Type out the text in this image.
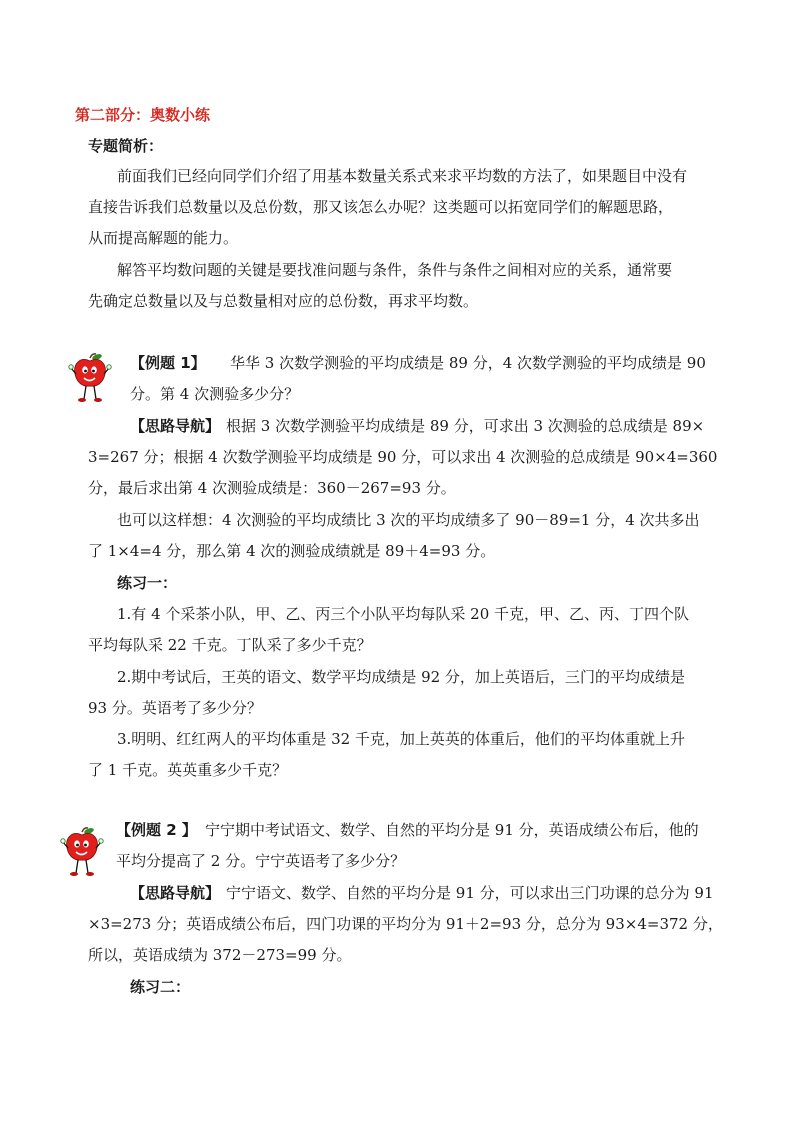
第二部分：奥数小练
专题简析：
前面我们已经向同学们介绍了用基本数量关系式来求平均数的方法了，如果题目中没有
直接告诉我们总数量以及总份数，那又该怎么办呢？这类题可以拓宽同学们的解题思路，
从而提高解题的能力。
解答平均数问题的关键是要找准问题与条件，条件与条件之间相对应的关系，通常要
先确定总数量以及与总数量相对应的总份数，再求平均数。
【例题 1】 华华 3 次数学测验的平均成绩是 89 分，4 次数学测验的平均成绩是 90
分。第 4 次测验多少分？
【思路导航】 根据 3 次数学测验平均成绩是 89 分，可求出 3 次测验的总成绩是 89×
3=267 分；根据 4 次数学测验平均成绩是 90 分，可以求出 4 次测验的总成绩是 90×4=360
分，最后求出第 4 次测验成绩是：360－267=93 分。
也可以这样想：4 次测验的平均成绩比 3 次的平均成绩多了 90－89=1 分，4 次共多出
了 1×4=4 分，那么第 4 次的测验成绩就是 89＋4=93 分。
练习一：
1.有 4 个采茶小队，甲、乙、丙三个小队平均每队采 20 千克，甲、乙、丙、丁四个队
平均每队采 22 千克。丁队采了多少千克？
2.期中考试后，王英的语文、数学平均成绩是 92 分，加上英语后，三门的平均成绩是
93 分。英语考了多少分？
3.明明、红红两人的平均体重是 32 千克，加上英英的体重后，他们的平均体重就上升
了 1 千克。英英重多少千克？
【例题 2 】 宁宁期中考试语文、数学、自然的平均分是 91 分，英语成绩公布后，他的
平均分提高了 2 分。宁宁英语考了多少分？
【思路导航】 宁宁语文、数学、自然的平均分是 91 分，可以求出三门功课的总分为 91
×3=273 分；英语成绩公布后，四门功课的平均分为 91＋2=93 分，总分为 93×4=372 分，
所以，英语成绩为 372－273=99 分。
练习二：
